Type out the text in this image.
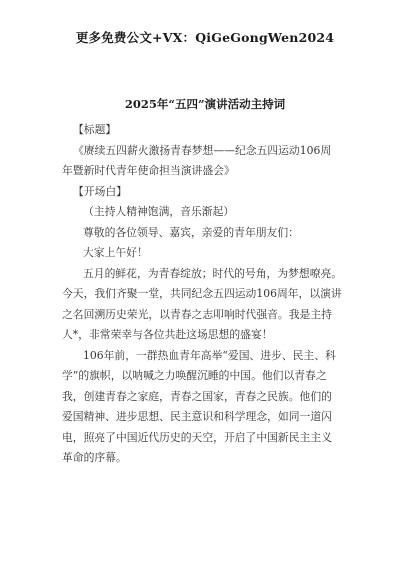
更多免费公文+VX：QiGeGongWen2024
2025年“五四”演讲活动主持词
【标题】
《赓续五四薪火激扬青春梦想——纪念五四运动106周
年暨新时代青年使命担当演讲盛会》
【开场白】
（主持人精神饱满，音乐渐起）
尊敬的各位领导、嘉宾，亲爱的青年朋友们：
大家上午好！
五月的鲜花，为青春绽放；时代的号角，为梦想嘹亮。
今天，我们齐聚一堂，共同纪念五四运动106周年，以演讲
之名回溯历史荣光，以青春之志叩响时代强音。我是主持
人*，非常荣幸与各位共赴这场思想的盛宴！
106年前，一群热血青年高举“爱国、进步、民主、科
学”的旗帜，以呐喊之力唤醒沉睡的中国。他们以青春之
我，创建青春之家庭，青春之国家，青春之民族。他们的
爱国精神、进步思想、民主意识和科学理念，如同一道闪
电，照亮了中国近代历史的天空，开启了中国新民主主义
革命的序幕。
